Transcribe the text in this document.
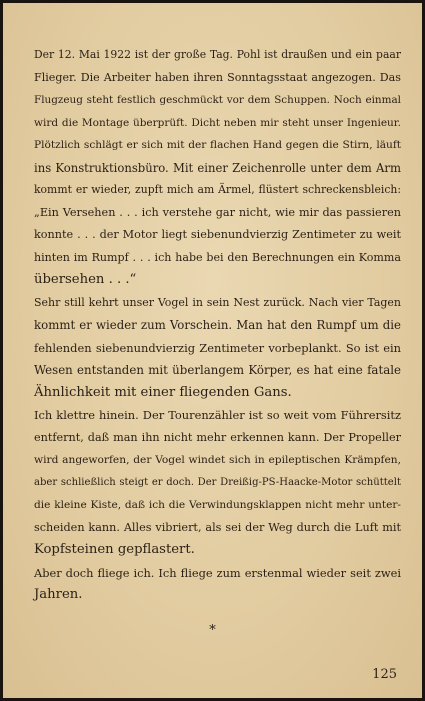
Der 12. Mai 1922 ist der große Tag. Pohl ist draußen und ein paar
Flieger. Die Arbeiter haben ihren Sonntagsstaat angezogen. Das
Flugzeug steht festlich geschmückt vor dem Schuppen. Noch einmal
wird die Montage überprüft. Dicht neben mir steht unser Ingenieur.
Plötzlich schlägt er sich mit der flachen Hand gegen die Stirn, läuft
ins Konstruktionsbüro. Mit einer Zeichenrolle unter dem Arm
kommt er wieder, zupft mich am Ärmel, flüstert schreckensbleich:
„Ein Versehen . . . ich verstehe gar nicht, wie mir das passieren
konnte . . . der Motor liegt siebenundvierzig Zentimeter zu weit
hinten im Rumpf . . . ich habe bei den Berechnungen ein Komma
übersehen . . .“

Sehr still kehrt unser Vogel in sein Nest zurück. Nach vier Tagen
kommt er wieder zum Vorschein. Man hat den Rumpf um die
fehlenden siebenundvierzig Zentimeter vorbeplankt. So ist ein
Wesen entstanden mit überlangem Körper, es hat eine fatale
Ähnlichkeit mit einer fliegenden Gans.

Ich klettre hinein. Der Tourenzähler ist so weit vom Führersitz
entfernt, daß man ihn nicht mehr erkennen kann. Der Propeller
wird angeworfen, der Vogel windet sich in epileptischen Krämpfen,
aber schließlich steigt er doch. Der Dreißig-PS-Haacke-Motor schüttelt
die kleine Kiste, daß ich die Verwindungsklappen nicht mehr unter-
scheiden kann. Alles vibriert, als sei der Weg durch die Luft mit
Kopfsteinen gepflastert.

Aber doch fliege ich. Ich fliege zum erstenmal wieder seit zwei
Jahren.

*
125
